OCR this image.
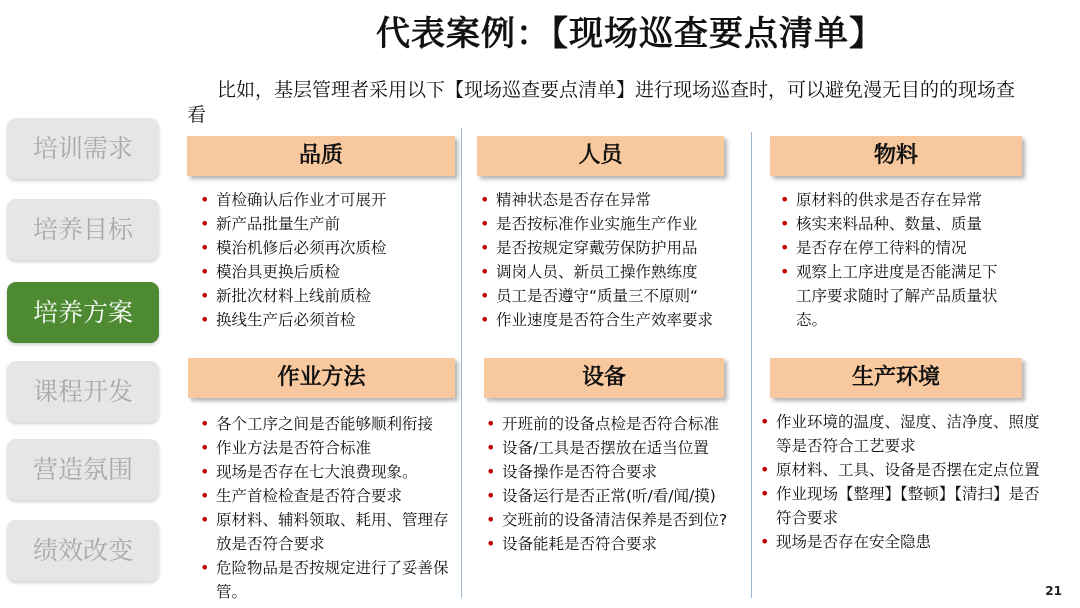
代表案例：【现场巡查要点清单】
比如，基层管理者采用以下【现场巡查要点清单】进行现场巡查时，可以避免漫无目的的现场查看
培训需求
培养目标
培养方案
课程开发
营造氛围
绩效改变
品质
• 首检确认后作业才可展开
• 新产品批量生产前
• 模治机修后必须再次质检
• 模治具更换后质检
• 新批次材料上线前质检
• 换线生产后必须首检
人员
• 精神状态是否存在异常
• 是否按标准作业实施生产作业
• 是否按规定穿戴劳保防护用品
• 调岗人员、新员工操作熟练度
• 员工是否遵守“质量三不原则“
• 作业速度是否符合生产效率要求
物料
• 原材料的供求是否存在异常
• 核实来料品种、数量、质量
• 是否存在停工待料的情况
• 观察上工序进度是否能满足下工序要求随时了解产品质量状态。
作业方法
• 各个工序之间是否能够顺利衔接
• 作业方法是否符合标准
• 现场是否存在七大浪费现象。
• 生产首检检查是否符合要求
• 原材料、辅料领取、耗用、管理存放是否符合要求
• 危险物品是否按规定进行了妥善保管。
设备
• 开班前的设备点检是否符合标准
• 设备/工具是否摆放在适当位置
• 设备操作是否符合要求
• 设备运行是否正常(听/看/闻/摸)
• 交班前的设备清洁保养是否到位?
• 设备能耗是否符合要求
生产环境
• 作业环境的温度、湿度、洁净度、照度等是否符合工艺要求
• 原材料、工具、设备是否摆在定点位置
• 作业现场【整理】【整顿】【清扫】是否符合要求
• 现场是否存在安全隐患
21
